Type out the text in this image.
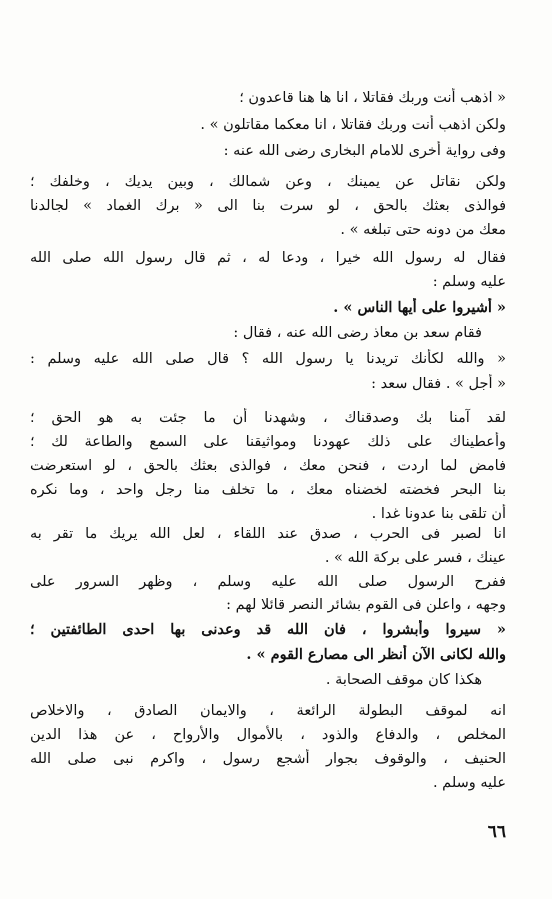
« اذهب أنت وربك فقاتلا ، انا ها هنا قاعدون ؛
ولكن اذهب أنت وربك فقاتلا ، انا معكما مقاتلون » .
وفى رواية أخرى للامام البخارى رضى الله عنه :
ولكن نقاتل عن يمينك ، وعن شمالك ، وبين يديك ، وخلفك ؛
فوالذى بعثك بالحق ، لو سرت بنا الى « برك الغماد » لجالدنا
معك من دونه حتى تبلغه » .
فقال له رسول الله خيرا ، ودعا له ، ثم قال رسول الله صلى الله
عليه وسلم :
« أشيروا على أيها الناس » .
فقام سعد بن معاذ رضى الله عنه ، فقال :
« والله لكأنك تريدنا يا رسول الله ؟ قال صلى الله عليه وسلم :
« أجل » . فقال سعد :
لقد آمنا بك وصدقناك ، وشهدنا أن ما جئت به هو الحق ؛
وأعطيناك على ذلك عهودنا ومواثيقنا على السمع والطاعة لك ؛
فامض لما اردت ، فنحن معك ، فوالذى بعثك بالحق ، لو استعرضت
بنا البحر فخضته لخضناه معك ، ما تخلف منا رجل واحد ، وما نكره
أن تلقى بنا عدونا غدا .
انا لصبر فى الحرب ، صدق عند اللقاء ، لعل الله يريك ما تقر به
عينك ، فسر على بركة الله » .
ففرح الرسول صلى الله عليه وسلم ، وظهر السرور على
وجهه ، واعلن فى القوم بشائر النصر قائلا لهم :
« سيروا وأبشروا ، فان الله قد وعدنى بها احدى الطائفتين ؛
والله لكانى الآن أنظر الى مصارع القوم » .
هكذا كان موقف الصحابة .
انه لموقف البطولة الرائعة ، والايمان الصادق ، والاخلاص
المخلص ، والدفاع والذود ، بالأموال والأرواح ، عن هذا الدين
الحنيف ، والوقوف بجوار أشجع رسول ، واكرم نبى صلى الله
عليه وسلم .
٦٦
